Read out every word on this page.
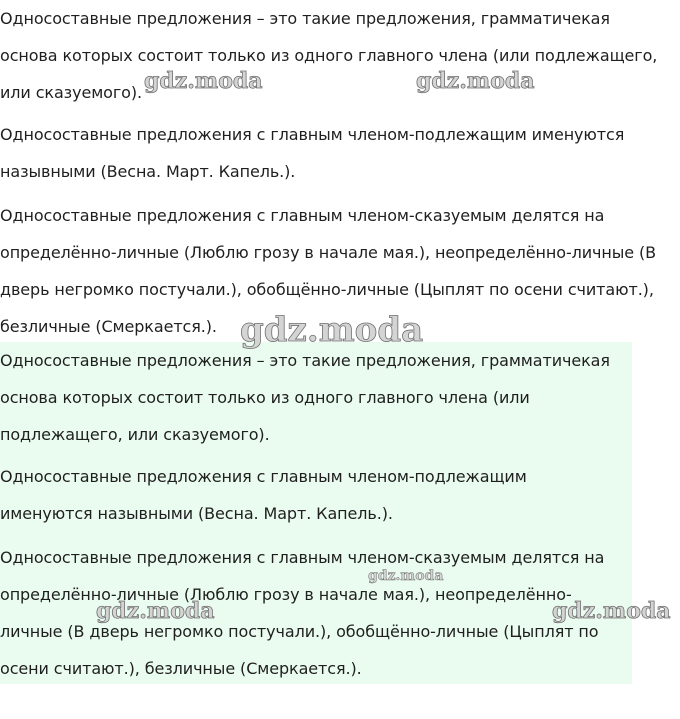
Односоставные предложения – это такие предложения, грамматичекая
основа которых состоит только из одного главного члена (или подлежащего,
или сказуемого).

Односоставные предложения с главным членом-подлежащим именуются
назывными (Весна. Март. Капель.).

Односоставные предложения с главным членом-сказуемым делятся на
определённо-личные (Люблю грозу в начале мая.), неопределённо-личные (В
дверь негромко постучали.), обобщённо-личные (Цыплят по осени считают.),
безличные (Смеркается.).

Односоставные предложения – это такие предложения, грамматичекая
основа которых состоит только из одного главного члена (или
подлежащего, или сказуемого).

Односоставные предложения с главным членом-подлежащим
именуются назывными (Весна. Март. Капель.).

Односоставные предложения с главным членом-сказуемым делятся на
определённо-личные (Люблю грозу в начале мая.), неопределённо-
личные (В дверь негромко постучали.), обобщённо-личные (Цыплят по
осени считают.), безличные (Смеркается.).

gdz.moda	gdz.moda
gdz.moda
gdz.moda
gdz.moda	gdz.moda
